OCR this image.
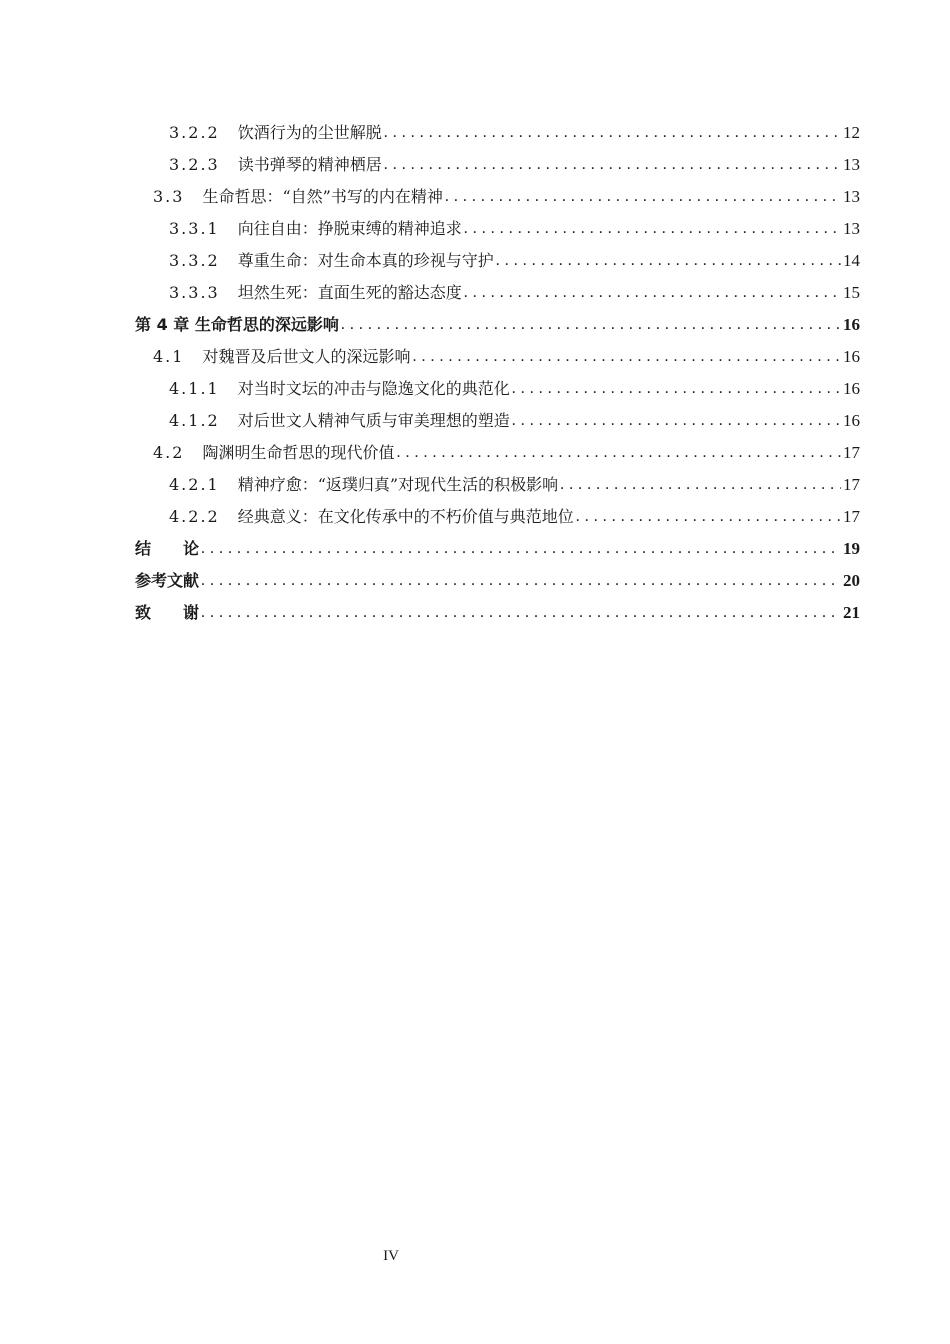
3.2.2 饮酒行为的尘世解脱 .....	12
3.2.3 读书弹琴的精神栖居 .....	13
3.3 生命哲思：“自然”书写的内在精神 .....	13
3.3.1 向往自由：挣脱束缚的精神追求 .....	13
3.3.2 尊重生命：对生命本真的珍视与守护 .....	14
3.3.3 坦然生死：直面生死的豁达态度 .....	15
第 4 章 生命哲思的深远影响 .....	16
4.1 对魏晋及后世文人的深远影响 .....	16
4.1.1 对当时文坛的冲击与隐逸文化的典范化 .....	16
4.1.2 对后世文人精神气质与审美理想的塑造 .....	16
4.2 陶渊明生命哲思的现代价值 .....	17
4.2.1 精神疗愈：“返璞归真”对现代生活的积极影响 .....	17
4.2.2 经典意义：在文化传承中的不朽价值与典范地位 .....	17
结　　论 .....	19
参考文献 .....	20
致　　谢 .....	21
IV
